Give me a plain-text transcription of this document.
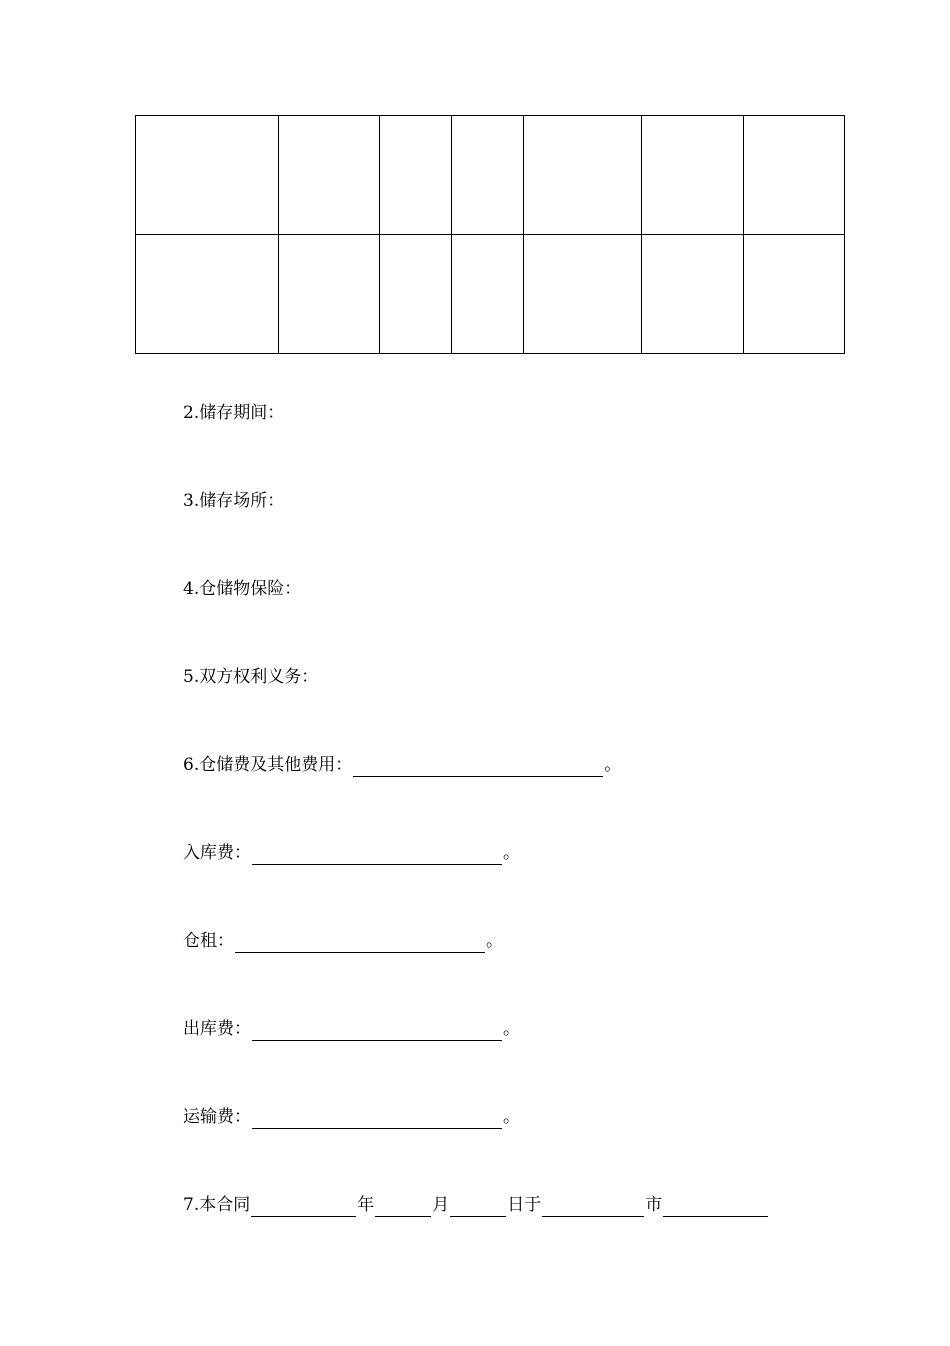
2.储存期间：
3.储存场所：
4.仓储物保险：
5.双方权利义务：
6.仓储费及其他费用：	。
入库费：	。
仓租：	。
出库费：	。
运输费：	。
7.本合同	年	月	日于	市
